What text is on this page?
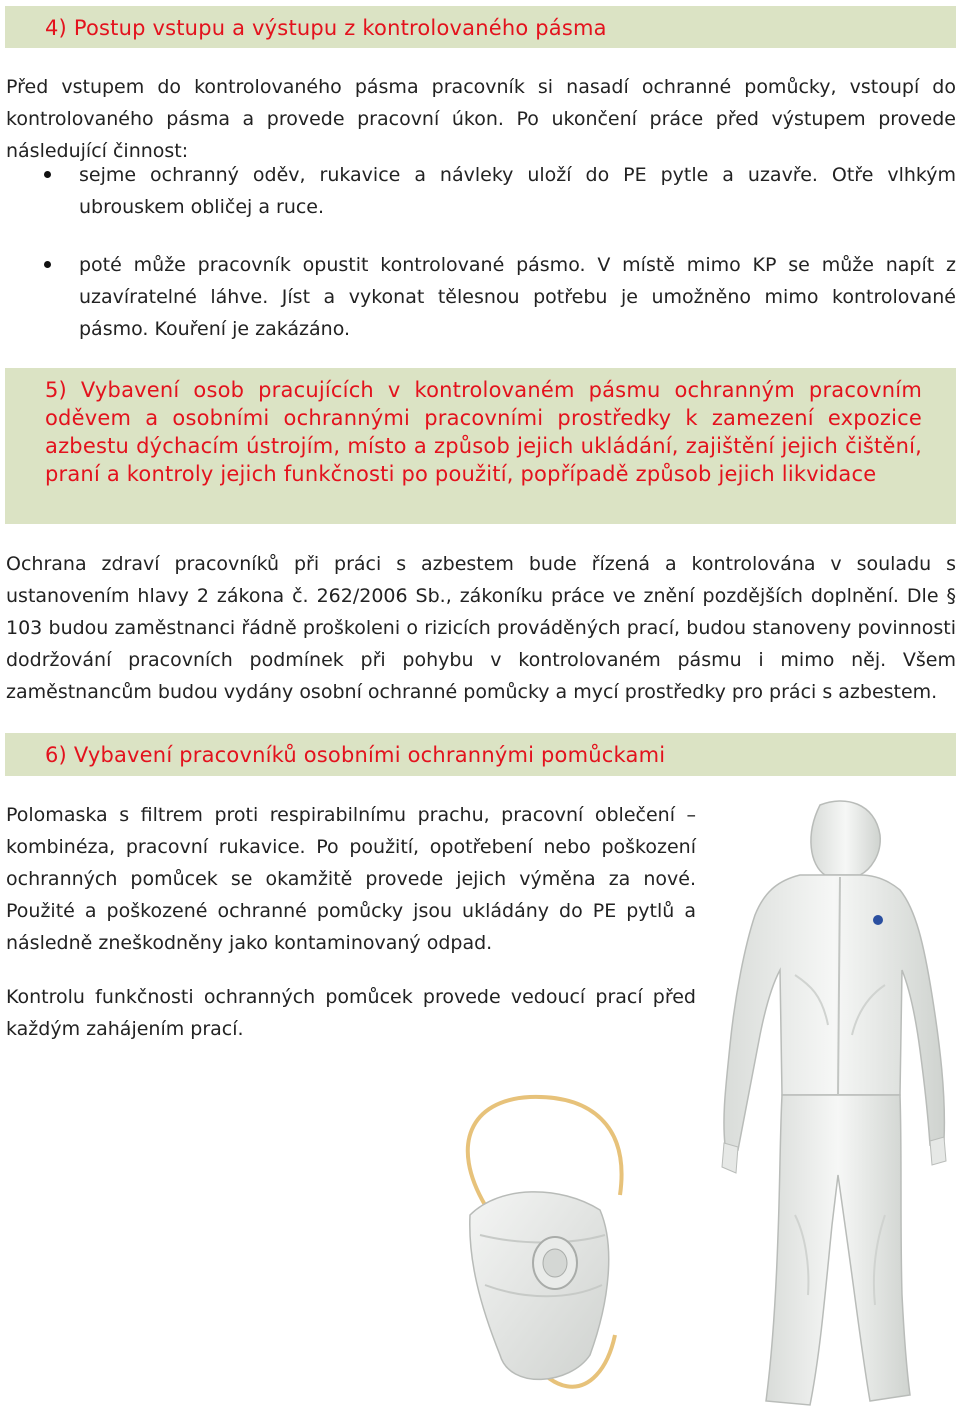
4) Postup vstupu a výstupu z kontrolovaného pásma
Před vstupem do kontrolovaného pásma pracovník si nasadí ochranné pomůcky, vstoupí do kontrolovaného pásma a provede pracovní úkon. Po ukončení práce před výstupem provede následující činnost:
sejme ochranný oděv, rukavice a návleky uloží do PE pytle a uzavře. Otře vlhkým ubrouskem obličej a ruce.
poté může pracovník opustit kontrolované pásmo. V místě mimo KP se může napít z uzavíratelné láhve. Jíst a vykonat tělesnou potřebu je umožněno mimo kontrolované pásmo. Kouření je zakázáno.
5) Vybavení osob pracujících v kontrolovaném pásmu ochranným pracovním oděvem a osobními ochrannými pracovními prostředky k zamezení expozice azbestu dýchacím ústrojím, místo a způsob jejich ukládání, zajištění jejich čištění, praní a kontroly jejich funkčnosti po použití, popřípadě způsob jejich likvidace
Ochrana zdraví pracovníků při práci s azbestem bude řízená a kontrolována v souladu s ustanovením hlavy 2 zákona č. 262/2006 Sb., zákoníku práce ve znění pozdějších doplnění. Dle § 103 budou zaměstnanci řádně proškoleni o rizicích prováděných prací, budou stanoveny povinnosti dodržování pracovních podmínek při pohybu v kontrolovaném pásmu i mimo něj. Všem zaměstnancům budou vydány osobní ochranné pomůcky a mycí prostředky pro práci s azbestem.
6) Vybavení pracovníků osobními ochrannými pomůckami
Polomaska s filtrem proti respirabilnímu prachu, pracovní oblečení – kombinéza, pracovní rukavice. Po použití, opotřebení nebo poškození ochranných pomůcek se okamžitě provede jejich výměna za nové. Použité a poškozené ochranné pomůcky jsou ukládány do PE pytlů a následně zneškodněny jako kontaminovaný odpad.
Kontrolu funkčnosti ochranných pomůcek provede vedoucí prací před každým zahájením prací.
